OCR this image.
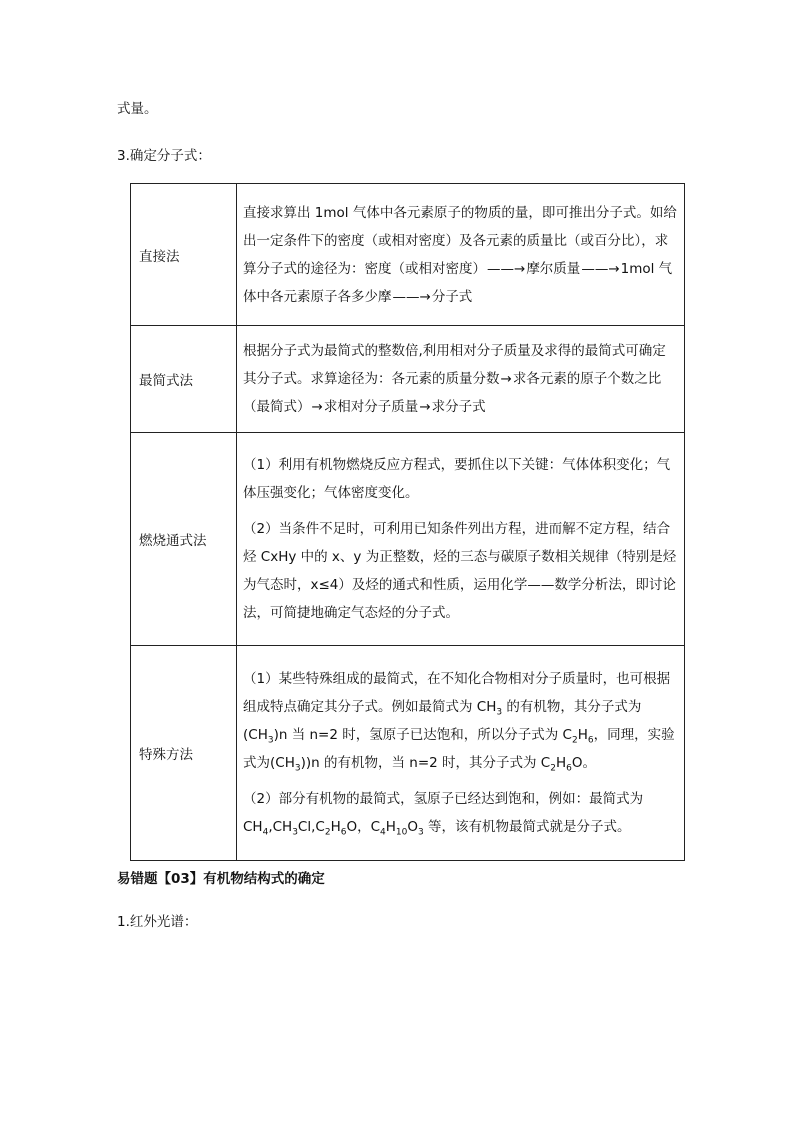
式量。

3.确定分子式：

直接法	直接求算出 1mol 气体中各元素原子的物质的量，即可推出分子式。如给出一定条件下的密度（或相对密度）及各元素的质量比（或百分比），求算分子式的途径为：密度（或相对密度）——→摩尔质量——→1mol 气体中各元素原子各多少摩——→分子式

最简式法	根据分子式为最简式的整数倍,利用相对分子质量及求得的最简式可确定其分子式。求算途径为：各元素的质量分数→求各元素的原子个数之比（最简式）→求相对分子质量→求分子式

燃烧通式法	（1）利用有机物燃烧反应方程式，要抓住以下关键：气体体积变化；气体压强变化；气体密度变化。
（2）当条件不足时，可利用已知条件列出方程，进而解不定方程，结合烃 CxHy 中的 x、y 为正整数，烃的三态与碳原子数相关规律（特别是烃为气态时，x≤4）及烃的通式和性质，运用化学——数学分析法，即讨论法，可简捷地确定气态烃的分子式。

特殊方法	（1）某些特殊组成的最简式，在不知化合物相对分子质量时，也可根据组成特点确定其分子式。例如最简式为 $CH_3$ 的有机物，其分子式为$(CH_3)n$ 当 n=2 时，氢原子已达饱和，所以分子式为 $C_2H_6$，同理，实验式为$(CH_3))n$ 的有机物，当 n=2 时，其分子式为 $C_2H_6O$。
（2）部分有机物的最简式，氢原子已经达到饱和，例如：最简式为 $CH_4,CH_3Cl,C_2H_6O$，$C_4H_{10}O_3$ 等，该有机物最简式就是分子式。

易错题【03】有机物结构式的确定

1.红外光谱：
